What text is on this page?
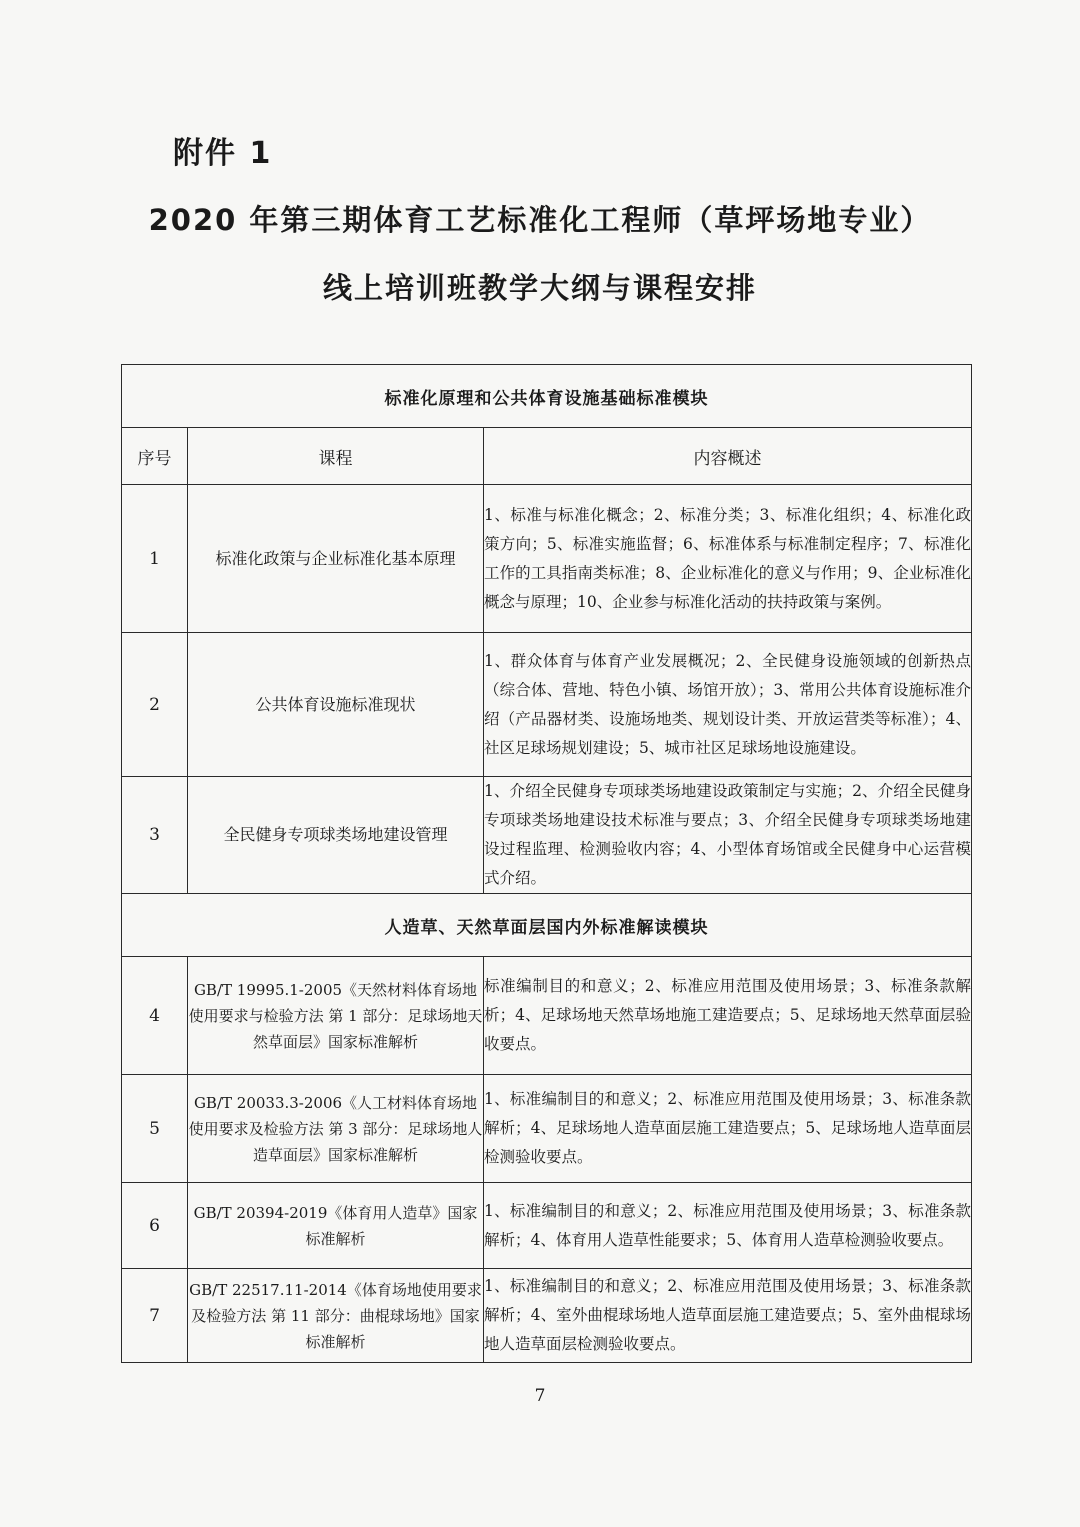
附件 1
2020 年第三期体育工艺标准化工程师（草坪场地专业）
线上培训班教学大纲与课程安排
标准化原理和公共体育设施基础标准模块		
序号	课程	内容概述
1	标准化政策与企业标准化基本原理	1、标准与标准化概念；2、标准分类；3、标准化组织；4、标准化政策方向；5、标准实施监督；6、标准体系与标准制定程序；7、标准化工作的工具指南类标准；8、企业标准化的意义与作用；9、企业标准化概念与原理；10、企业参与标准化活动的扶持政策与案例。
2	公共体育设施标准现状	1、群众体育与体育产业发展概况；2、全民健身设施领域的创新热点（综合体、营地、特色小镇、场馆开放）；3、常用公共体育设施标准介绍（产品器材类、设施场地类、规划设计类、开放运营类等标准）；4、社区足球场规划建设；5、城市社区足球场地设施建设。
3	全民健身专项球类场地建设管理	1、介绍全民健身专项球类场地建设政策制定与实施；2、介绍全民健身专项球类场地建设技术标准与要点；3、介绍全民健身专项球类场地建设过程监理、检测验收内容；4、小型体育场馆或全民健身中心运营模式介绍。
人造草、天然草面层国内外标准解读模块		
4	GB/T 19995.1-2005《天然材料体育场地使用要求与检验方法 第 1 部分：足球场地天然草面层》国家标准解析	标准编制目的和意义；2、标准应用范围及使用场景；3、标准条款解析；4、足球场地天然草场地施工建造要点；5、足球场地天然草面层验收要点。
5	GB/T 20033.3-2006《人工材料体育场地使用要求及检验方法 第 3 部分：足球场地人造草面层》国家标准解析	1、标准编制目的和意义；2、标准应用范围及使用场景；3、标准条款解析；4、足球场地人造草面层施工建造要点；5、足球场地人造草面层检测验收要点。
6	GB/T 20394-2019《体育用人造草》国家标准解析	1、标准编制目的和意义；2、标准应用范围及使用场景；3、标准条款解析；4、体育用人造草性能要求；5、体育用人造草检测验收要点。
7	GB/T 22517.11-2014《体育场地使用要求及检验方法 第 11 部分：曲棍球场地》国家标准解析	1、标准编制目的和意义；2、标准应用范围及使用场景；3、标准条款解析；4、室外曲棍球场地人造草面层施工建造要点；5、室外曲棍球场地人造草面层检测验收要点。
7
